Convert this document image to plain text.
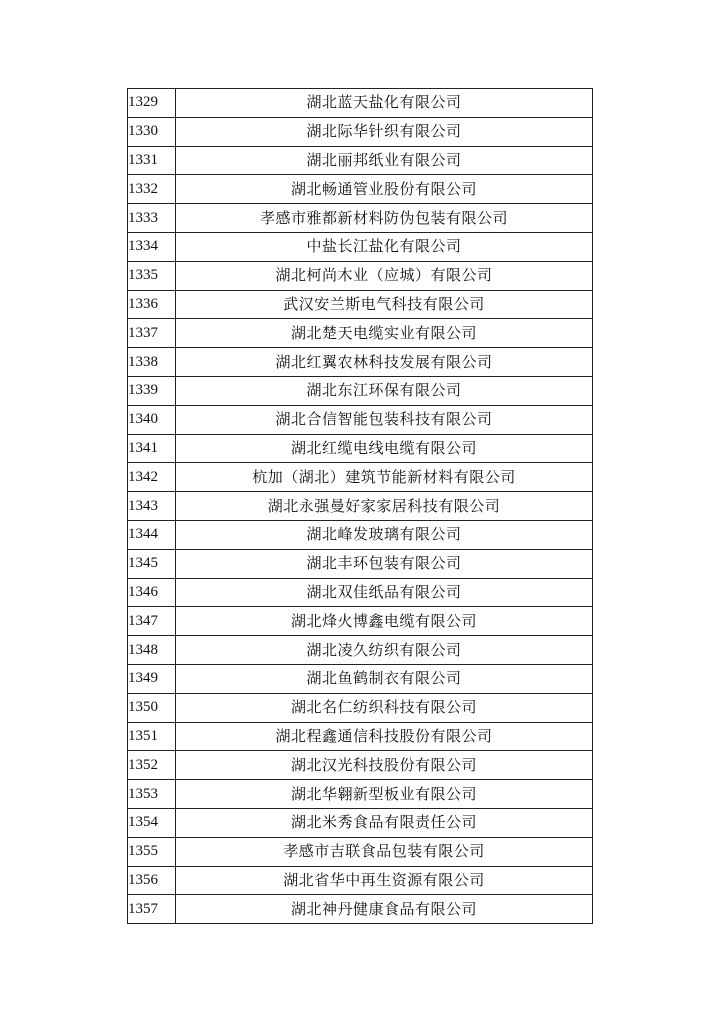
1329	湖北蓝天盐化有限公司
1330	湖北际华针织有限公司
1331	湖北丽邦纸业有限公司
1332	湖北畅通管业股份有限公司
1333	孝感市雅都新材料防伪包装有限公司
1334	中盐长江盐化有限公司
1335	湖北柯尚木业（应城）有限公司
1336	武汉安兰斯电气科技有限公司
1337	湖北楚天电缆实业有限公司
1338	湖北红翼农林科技发展有限公司
1339	湖北东江环保有限公司
1340	湖北合信智能包装科技有限公司
1341	湖北红缆电线电缆有限公司
1342	杭加（湖北）建筑节能新材料有限公司
1343	湖北永强曼好家家居科技有限公司
1344	湖北峰发玻璃有限公司
1345	湖北丰环包装有限公司
1346	湖北双佳纸品有限公司
1347	湖北烽火博鑫电缆有限公司
1348	湖北凌久纺织有限公司
1349	湖北鱼鹤制衣有限公司
1350	湖北名仁纺织科技有限公司
1351	湖北程鑫通信科技股份有限公司
1352	湖北汉光科技股份有限公司
1353	湖北华翱新型板业有限公司
1354	湖北米秀食品有限责任公司
1355	孝感市吉联食品包装有限公司
1356	湖北省华中再生资源有限公司
1357	湖北神丹健康食品有限公司
